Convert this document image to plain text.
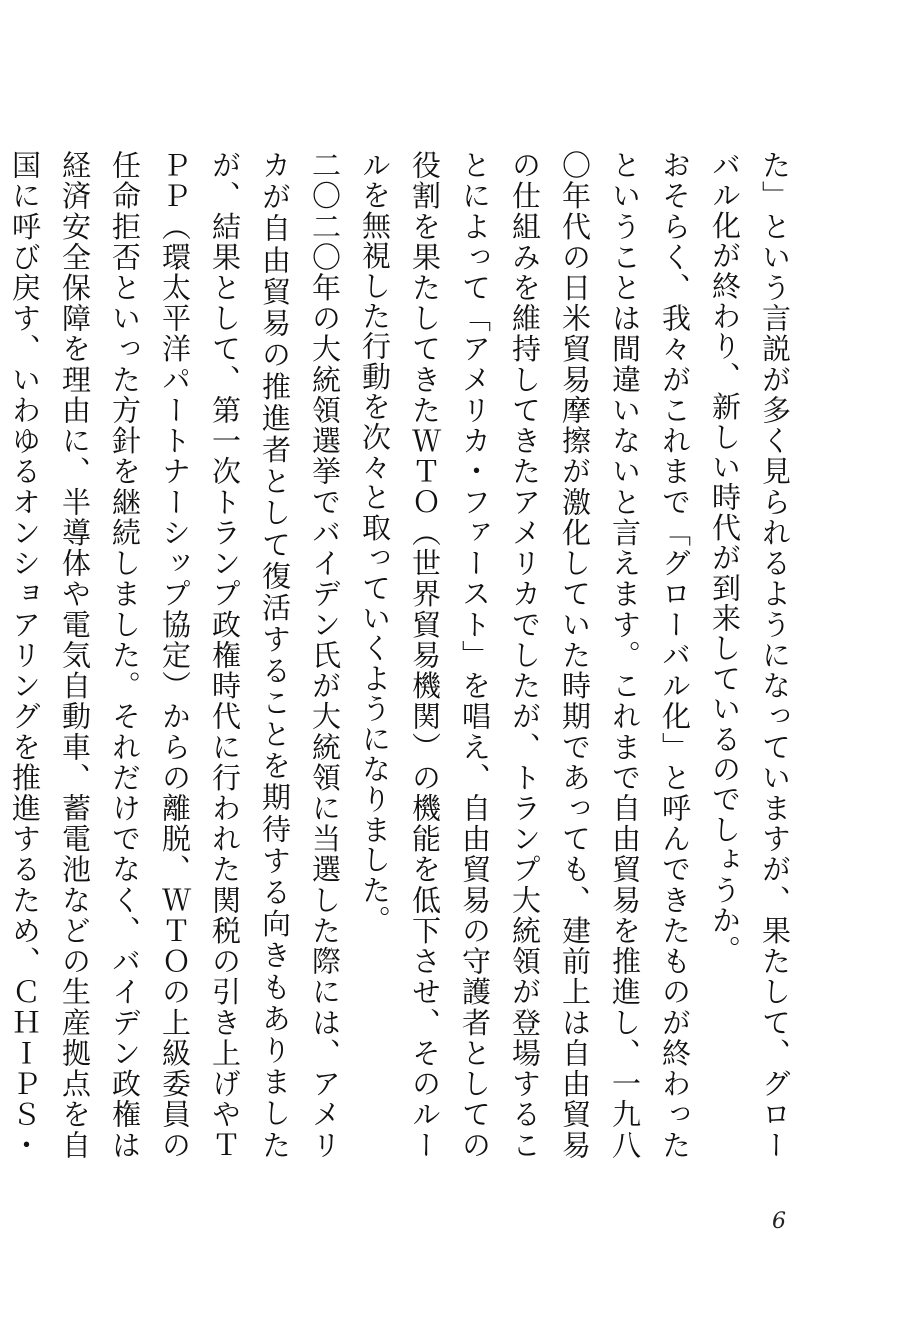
た」という言説が多く見られるようになっていますが、果たして、グローバル化が終わり、新しい時代が到来しているのでしょうか。

おそらく、我々がこれまで「グローバル化」と呼んできたものが終わったということは間違いないと言えます。これまで自由貿易を推進し、一九八〇年代の日米貿易摩擦が激化していた時期であっても、建前上は自由貿易の仕組みを維持してきたアメリカでしたが、トランプ大統領が登場することによって「アメリカ・ファースト」を唱え、自由貿易の守護者としての役割を果たしてきたＷＴＯ（世界貿易機関）の機能を低下させ、そのルールを無視した行動を次々と取っていくようになりました。

二〇二〇年の大統領選挙でバイデン氏が大統領に当選した際には、アメリカが自由貿易の推進者として復活することを期待する向きもありましたが、結果として、第一次トランプ政権時代に行われた関税の引き上げやＴＰＰ（環太平洋パートナーシップ協定）からの離脱、ＷＴＯの上級委員の任命拒否といった方針を継続しました。それだけでなく、バイデン政権は経済安全保障を理由に、半導体や電気自動車、蓄電池などの生産拠点を自国に呼び戻す、いわゆるオンショアリングを推進するため、ＣＨＩＰＳ・

6
